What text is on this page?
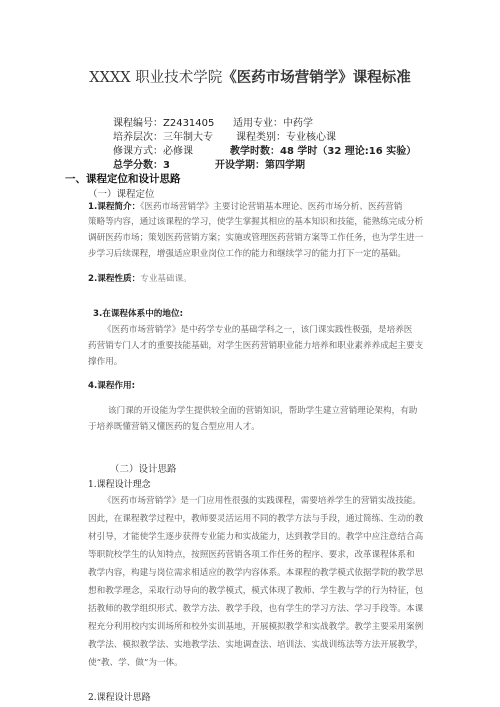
XXXX 职业技术学院《医药市场营销学》课程标准
课程编号：Z2431405 适用专业：中药学
培养层次：三年制大专 课程类别：专业核心课
修课方式：必修课	教学时数：48 学时（32 理论:16 实验）
总学分数：3	开设学期：第四学期
一、课程定位和设计思路
（一）课程定位
1.课程简介：《医药市场营销学》主要讨论营销基本理论、医药市场分析、医药营销
策略等内容，通过该课程的学习，使学生掌握其相应的基本知识和技能，能熟练完成分析
调研医药市场；策划医药营销方案；实施或管理医药营销方案等工作任务，也为学生进一
步学习后续课程，增强适应职业岗位工作的能力和继续学习的能力打下一定的基础。
2.课程性质：专业基础课。
3.在课程体系中的地位:
《医药市场营销学》是中药学专业的基础学科之一，该门课实践性极强，是培养医
药营销专门人才的重要技能基础，对学生医药营销职业能力培养和职业素养养成起主要支
撑作用。
4.课程作用:
该门课的开设能为学生提供较全面的营销知识，帮助学生建立营销理论架构，有助
于培养既懂营销又懂医药的复合型应用人才。
（二）设计思路
1.课程设计理念
《医药市场营销学》是一门应用性很强的实践课程，需要培养学生的营销实战技能。
因此，在课程教学过程中，教师要灵活运用不同的教学方法与手段，通过简练、生动的教
材引导，才能使学生逐步获得专业能力和实战能力，达到教学目的。教学中应注意结合高
等职院校学生的认知特点，按照医药营销各项工作任务的程序、要求，改革课程体系和
教学内容，构建与岗位需求相适应的教学内容体系。本课程的教学模式依据学院的教学思
想和教学理念，采取行动导向的教学模式，模式体现了教师、学生教与学的行为特征，包
括教师的教学组织形式、教学方法、教学手段，也有学生的学习方法、学习手段等。本课
程充分利用校内实训场所和校外实训基地，开展模拟教学和实战教学。教学主要采用案例
教学法、模拟教学法、实地教学法、实地调查法、培训法、实战训练法等方法开展教学，
使“教、学、做”为一体。
2.课程设计思路
